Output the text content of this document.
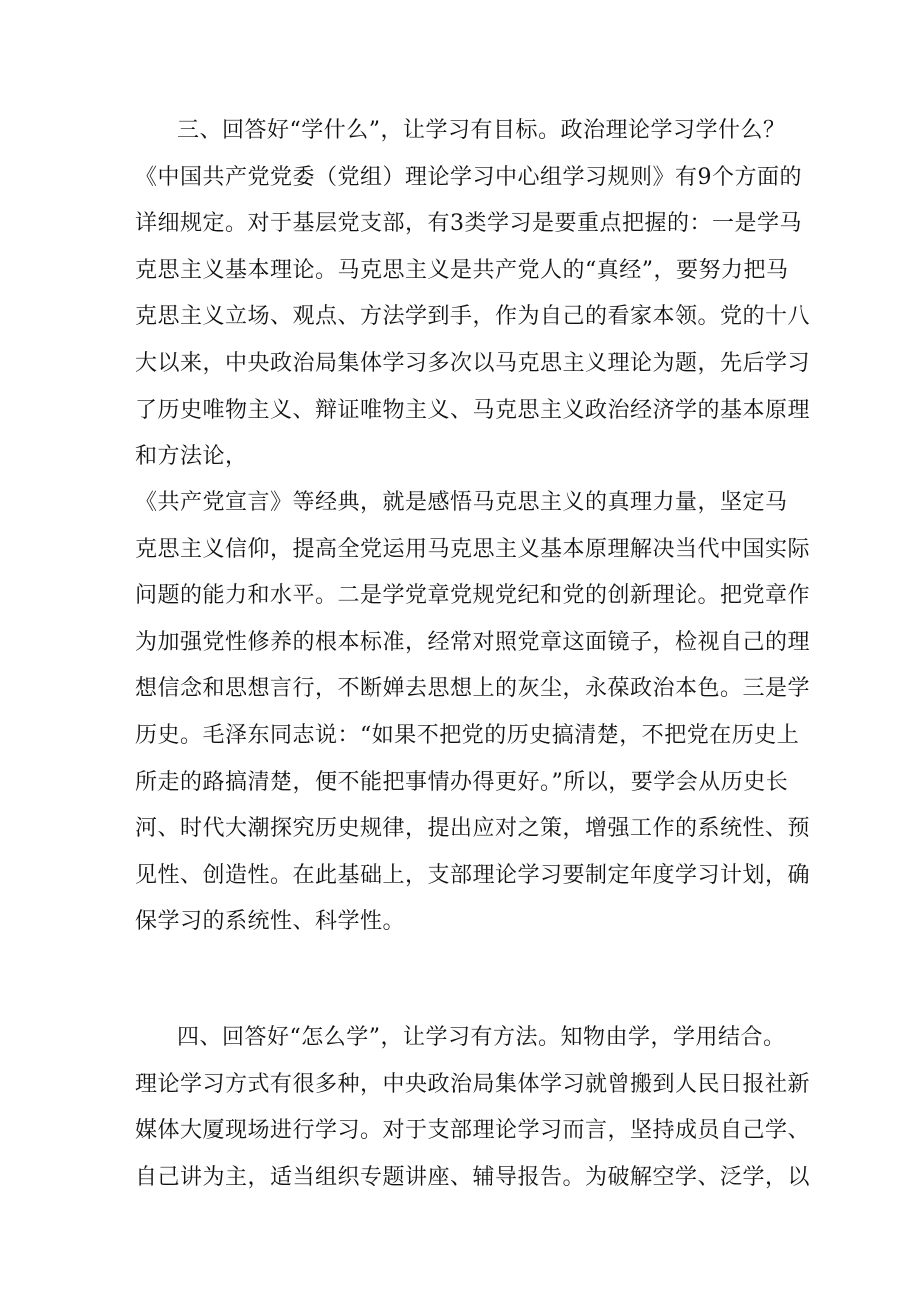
三、回答好“学什么”，让学习有目标。政治理论学习学什么？
《中国共产党党委（党组）理论学习中心组学习规则》有9个方面的
详细规定。对于基层党支部，有3类学习是要重点把握的：一是学马
克思主义基本理论。马克思主义是共产党人的“真经”，要努力把马
克思主义立场、观点、方法学到手，作为自己的看家本领。党的十八
大以来，中央政治局集体学习多次以马克思主义理论为题，先后学习
了历史唯物主义、辩证唯物主义、马克思主义政治经济学的基本原理
和方法论，
《共产党宣言》等经典，就是感悟马克思主义的真理力量，坚定马
克思主义信仰，提高全党运用马克思主义基本原理解决当代中国实际
问题的能力和水平。二是学党章党规党纪和党的创新理论。把党章作
为加强党性修养的根本标准，经常对照党章这面镜子，检视自己的理
想信念和思想言行，不断婵去思想上的灰尘，永葆政治本色。三是学
历史。毛泽东同志说：“如果不把党的历史搞清楚，不把党在历史上
所走的路搞清楚，便不能把事情办得更好。”所以，要学会从历史长
河、时代大潮探究历史规律，提出应对之策，增强工作的系统性、预
见性、创造性。在此基础上，支部理论学习要制定年度学习计划，确
保学习的系统性、科学性。
四、回答好“怎么学”，让学习有方法。知物由学，学用结合。
理论学习方式有很多种，中央政治局集体学习就曾搬到人民日报社新
媒体大厦现场进行学习。对于支部理论学习而言，坚持成员自己学、
自己讲为主，适当组织专题讲座、辅导报告。为破解空学、泛学，以
